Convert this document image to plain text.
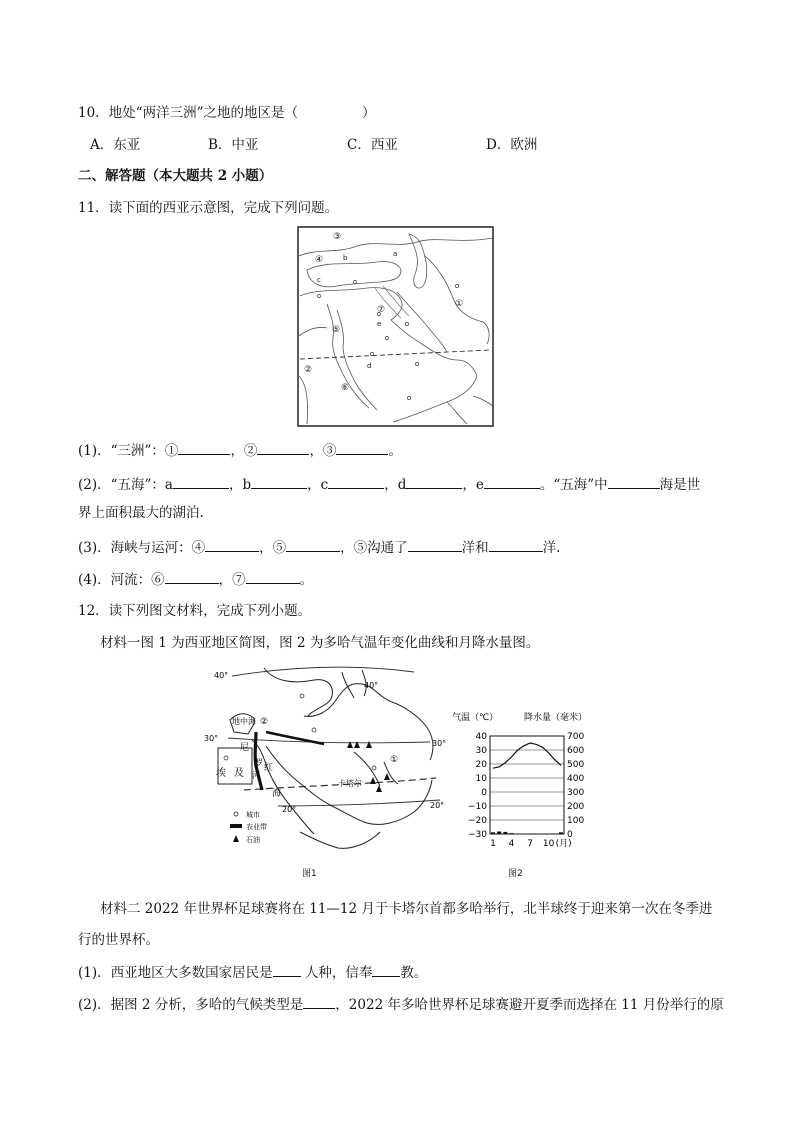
10．地处“两洋三洲”之地的地区是（	）
A．东亚	B．中亚	C．西亚	D．欧洲
二、解答题（本大题共 2 小题）
11．读下面的西亚示意图，完成下列问题。
③
④	b	a
c
⑦
①
⑤
e
②	d
⑥
(1)．“三洲”：①	，②	，③	。
(2)．“五海”：a	，b	，c	，d	，e	。“五海”中	海是世
界上面积最大的湖泊.
(3)．海峡与运河：④	，⑤	，⑤沟通了	洋和	洋.
(4)．河流：⑥	，⑦	。
12．读下列图文材料，完成下列小题。
材料一图 1 为西亚地区简图，图 2 为多哈气温年变化曲线和月降水量图。
40°
40°
30°
30°
20°	20°
地中海 ②
尼
罗
埃 及 河
红
海
卡塔尔
①
城市
农业带
石油
图1
气温（℃）	降水量（毫米）
40	700
30	600
20	500
10	400
0	300
−10	200
−20	100
−30	0
1 4 7 10 (月)
图2
材料二 2022 年世界杯足球赛将在 11—12 月于卡塔尔首都多哈举行，北半球终于迎来第一次在冬季进
行的世界杯。
(1)．西亚地区大多数国家居民是 人种，信奉 教。
(2)．据图 2 分析，多哈的气候类型是 ，2022 年多哈世界杯足球赛避开夏季而选择在 11 月份举行的原
